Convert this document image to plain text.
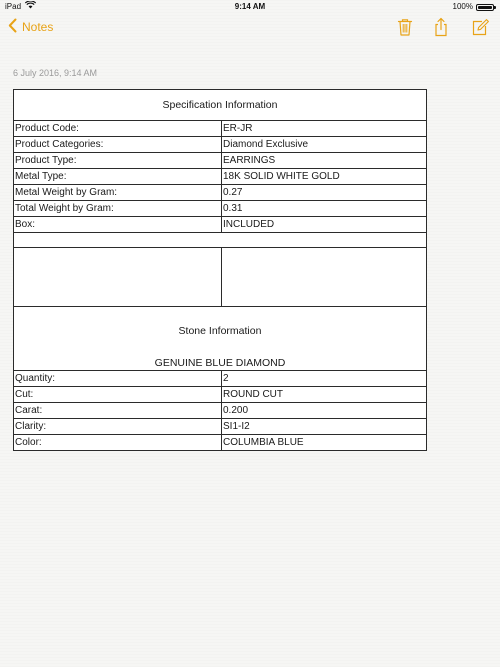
iPad	9:14 AM	100%
Notes
6 July 2016, 9:14 AM
Specification Information	
Product Code:	ER-JR
Product Categories:	Diamond Exclusive
Product Type:	EARRINGS
Metal Type:	18K SOLID WHITE GOLD
Metal Weight by Gram:	0.27
Total Weight by Gram:	0.31
Box:	INCLUDED

Stone Information
GENUINE BLUE DIAMOND	

Quantity:	2
Cut:	ROUND CUT
Carat:	0.200
Clarity:	SI1-I2
Color:	COLUMBIA BLUE
